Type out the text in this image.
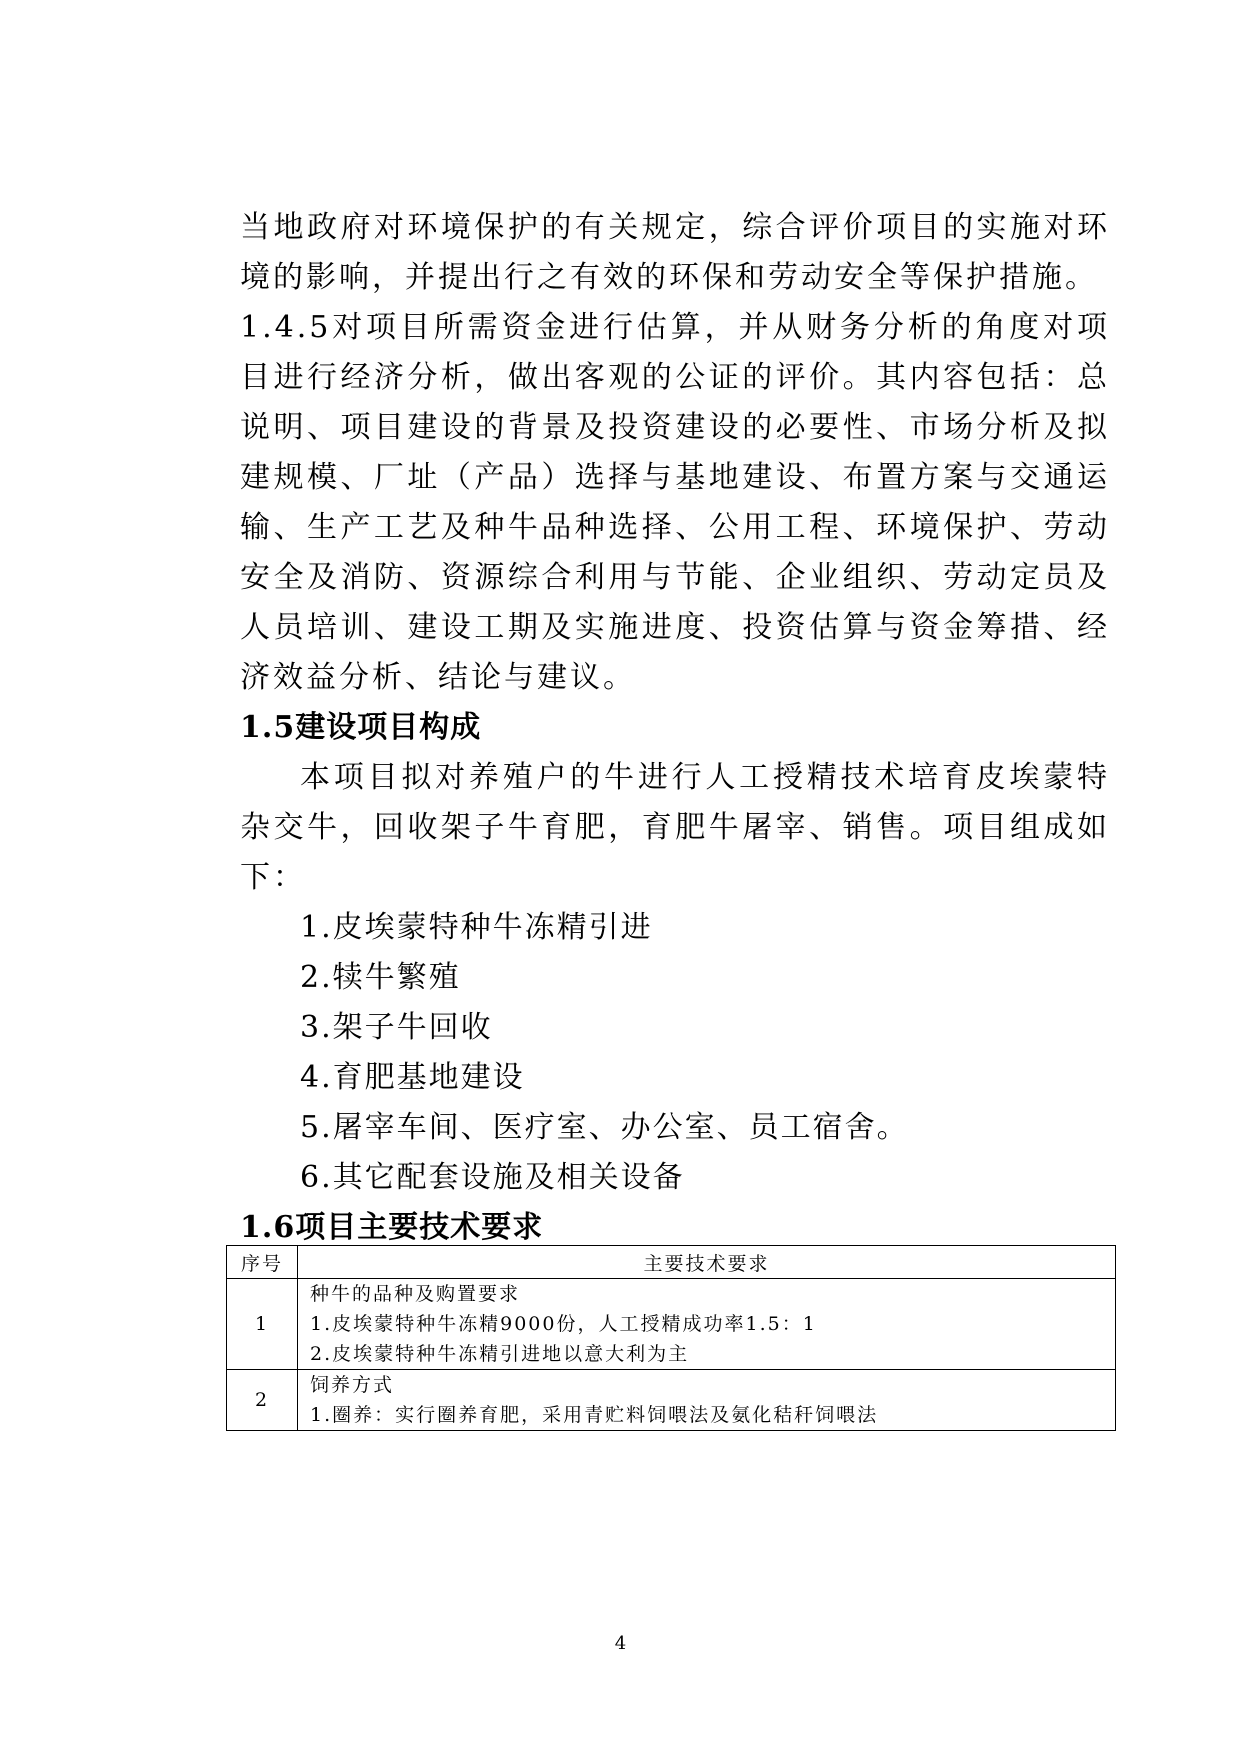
当地政府对环境保护的有关规定，综合评价项目的实施对环境的影响，并提出行之有效的环保和劳动安全等保护措施。

1.4.5对项目所需资金进行估算，并从财务分析的角度对项目进行经济分析，做出客观的公证的评价。其内容包括：总说明、项目建设的背景及投资建设的必要性、市场分析及拟建规模、厂址（产品）选择与基地建设、布置方案与交通运输、生产工艺及种牛品种选择、公用工程、环境保护、劳动安全及消防、资源综合利用与节能、企业组织、劳动定员及人员培训、建设工期及实施进度、投资估算与资金筹措、经济效益分析、结论与建议。

1.5建设项目构成

本项目拟对养殖户的牛进行人工授精技术培育皮埃蒙特杂交牛，回收架子牛育肥，育肥牛屠宰、销售。项目组成如下：

1.皮埃蒙特种牛冻精引进

2.犊牛繁殖

3.架子牛回收

4.育肥基地建设

5.屠宰车间、医疗室、办公室、员工宿舍。

6.其它配套设施及相关设备

1.6项目主要技术要求

序号	主要技术要求
1	种牛的品种及购置要求
1.皮埃蒙特种牛冻精9000份，人工授精成功率1.5：1
2.皮埃蒙特种牛冻精引进地以意大利为主

2	饲养方式
1.圈养：实行圈养育肥，采用青贮料饲喂法及氨化秸秆饲喂法
4
